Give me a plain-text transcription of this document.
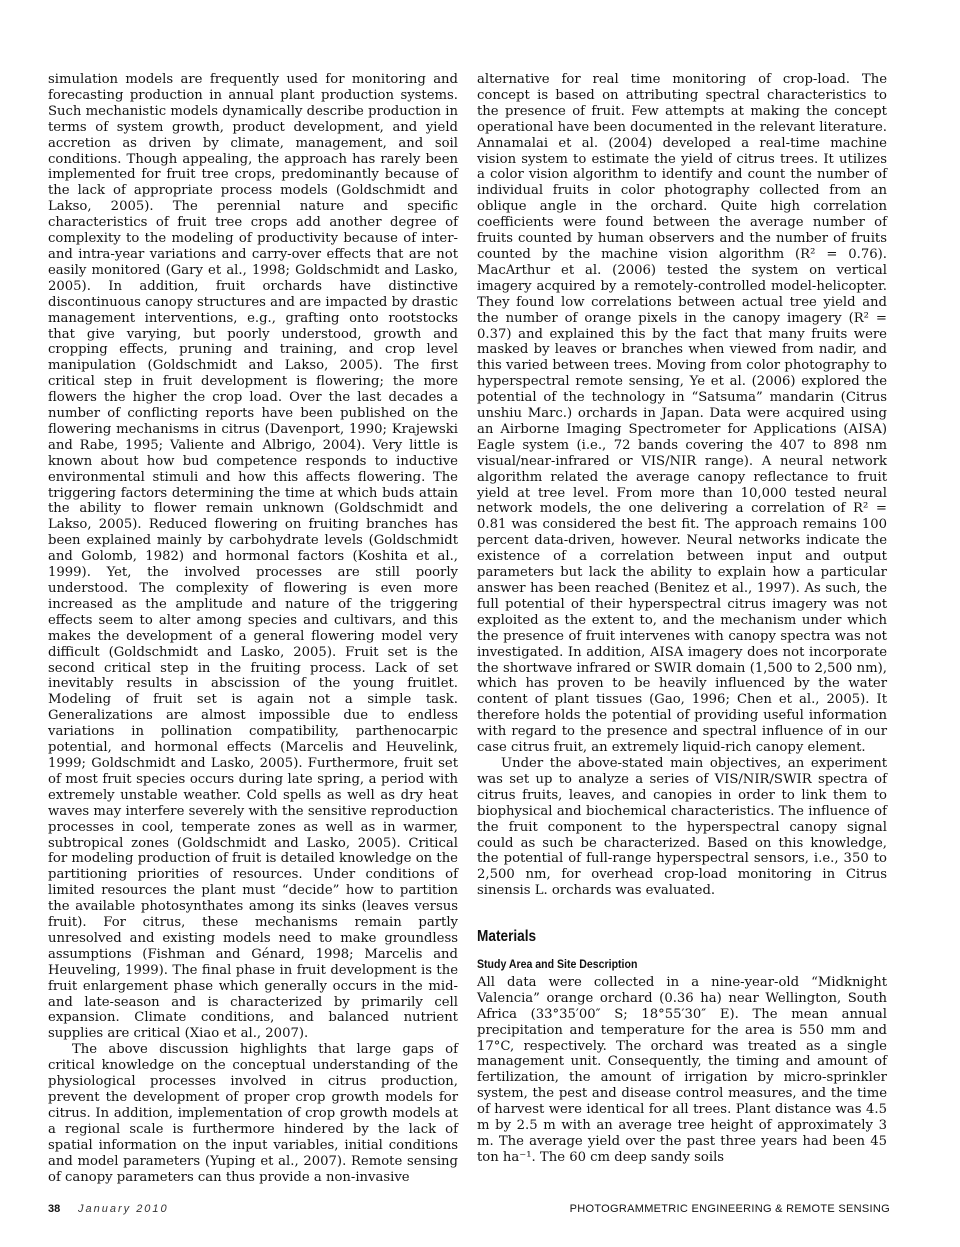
simulation models are frequently used for monitoring and forecasting production in annual plant production systems. Such mechanistic models dynamically describe production in terms of system growth, product development, and yield accretion as driven by climate, management, and soil conditions. Though appealing, the approach has rarely been implemented for fruit tree crops, predominantly because of the lack of appropriate process models (Goldschmidt and Lakso, 2005). The perennial nature and specific characteristics of fruit tree crops add another degree of complexity to the modeling of productivity because of inter- and intra-year variations and carry-over effects that are not easily monitored (Gary et al., 1998; Goldschmidt and Lasko, 2005). In addition, fruit orchards have distinctive discontinuous canopy structures and are impacted by drastic management interventions, e.g., grafting onto rootstocks that give varying, but poorly understood, growth and cropping effects, pruning and training, and crop level manipulation (Goldschmidt and Lakso, 2005). The first critical step in fruit development is flowering; the more flowers the higher the crop load. Over the last decades a number of conflicting reports have been published on the flowering mechanisms in citrus (Davenport, 1990; Krajewski and Rabe, 1995; Valiente and Albrigo, 2004). Very little is known about how bud competence responds to inductive environmental stimuli and how this affects flowering. The triggering factors determining the time at which buds attain the ability to flower remain unknown (Goldschmidt and Lakso, 2005). Reduced flowering on fruiting branches has been explained mainly by carbohydrate levels (Goldschmidt and Golomb, 1982) and hormonal factors (Koshita et al., 1999). Yet, the involved processes are still poorly understood. The complexity of flowering is even more increased as the amplitude and nature of the triggering effects seem to alter among species and cultivars, and this makes the development of a general flowering model very difficult (Goldschmidt and Lasko, 2005). Fruit set is the second critical step in the fruiting process. Lack of set inevitably results in abscission of the young fruitlet. Modeling of fruit set is again not a simple task. Generalizations are almost impossible due to endless variations in pollination compatibility, parthenocarpic potential, and hormonal effects (Marcelis and Heuvelink, 1999; Goldschmidt and Lasko, 2005). Furthermore, fruit set of most fruit species occurs during late spring, a period with extremely unstable weather. Cold spells as well as dry heat waves may interfere severely with the sensitive reproduction processes in cool, temperate zones as well as in warmer, subtropical zones (Goldschmidt and Lasko, 2005). Critical for modeling production of fruit is detailed knowledge on the partitioning priorities of resources. Under conditions of limited resources the plant must “decide” how to partition the available photosynthates among its sinks (leaves versus fruit). For citrus, these mechanisms remain partly unresolved and existing models need to make groundless assumptions (Fishman and Génard, 1998; Marcelis and Heuveling, 1999). The final phase in fruit development is the fruit enlargement phase which generally occurs in the mid- and late-season and is characterized by primarily cell expansion. Climate conditions, and balanced nutrient supplies are critical (Xiao et al., 2007).

The above discussion highlights that large gaps of critical knowledge on the conceptual understanding of the physiological processes involved in citrus production, prevent the development of proper crop growth models for citrus. In addition, implementation of crop growth models at a regional scale is furthermore hindered by the lack of spatial information on the input variables, initial conditions and model parameters (Yuping et al., 2007). Remote sensing of canopy parameters can thus provide a non-invasive

alternative for real time monitoring of crop-load. The concept is based on attributing spectral characteristics to the presence of fruit. Few attempts at making the concept operational have been documented in the relevant literature. Annamalai et al. (2004) developed a real-time machine vision system to estimate the yield of citrus trees. It utilizes a color vision algorithm to identify and count the number of individual fruits in color photography collected from an oblique angle in the orchard. Quite high correlation coefficients were found between the average number of fruits counted by human observers and the number of fruits counted by the machine vision algorithm (R² = 0.76). MacArthur et al. (2006) tested the system on vertical imagery acquired by a remotely-controlled model-helicopter. They found low correlations between actual tree yield and the number of orange pixels in the canopy imagery (R² = 0.37) and explained this by the fact that many fruits were masked by leaves or branches when viewed from nadir, and this varied between trees. Moving from color photography to hyperspectral remote sensing, Ye et al. (2006) explored the potential of the technology in “Satsuma” mandarin (Citrus unshiu Marc.) orchards in Japan. Data were acquired using an Airborne Imaging Spectrometer for Applications (AISA) Eagle system (i.e., 72 bands covering the 407 to 898 nm visual/near-infrared or VIS/NIR range). A neural network algorithm related the average canopy reflectance to fruit yield at tree level. From more than 10,000 tested neural network models, the one delivering a correlation of R² = 0.81 was considered the best fit. The approach remains 100 percent data-driven, however. Neural networks indicate the existence of a correlation between input and output parameters but lack the ability to explain how a particular answer has been reached (Benitez et al., 1997). As such, the full potential of their hyperspectral citrus imagery was not exploited as the extent to, and the mechanism under which the presence of fruit intervenes with canopy spectra was not investigated. In addition, AISA imagery does not incorporate the shortwave infrared or SWIR domain (1,500 to 2,500 nm), which has proven to be heavily influenced by the water content of plant tissues (Gao, 1996; Chen et al., 2005). It therefore holds the potential of providing useful information with regard to the presence and spectral influence of in our case citrus fruit, an extremely liquid-rich canopy element.

Under the above-stated main objectives, an experiment was set up to analyze a series of VIS/NIR/SWIR spectra of citrus fruits, leaves, and canopies in order to link them to biophysical and biochemical characteristics. The influence of the fruit component to the hyperspectral canopy signal could as such be characterized. Based on this knowledge, the potential of full-range hyperspectral sensors, i.e., 350 to 2,500 nm, for overhead crop-load monitoring in Citrus sinensis L. orchards was evaluated.

Materials
Study Area and Site Description

All data were collected in a nine-year-old “Midknight Valencia” orange orchard (0.36 ha) near Wellington, South Africa (33°35′00″ S; 18°55′30″ E). The mean annual precipitation and temperature for the area is 550 mm and 17°C, respectively. The orchard was treated as a single management unit. Consequently, the timing and amount of fertilization, the amount of irrigation by micro-sprinkler system, the pest and disease control measures, and the time of harvest were identical for all trees. Plant distance was 4.5 m by 2.5 m with an average tree height of approximately 3 m. The average yield over the past three years had been 45 ton ha⁻¹. The 60 cm deep sandy soils

38 January 2010	PHOTOGRAMMETRIC ENGINEERING & REMOTE SENSING
